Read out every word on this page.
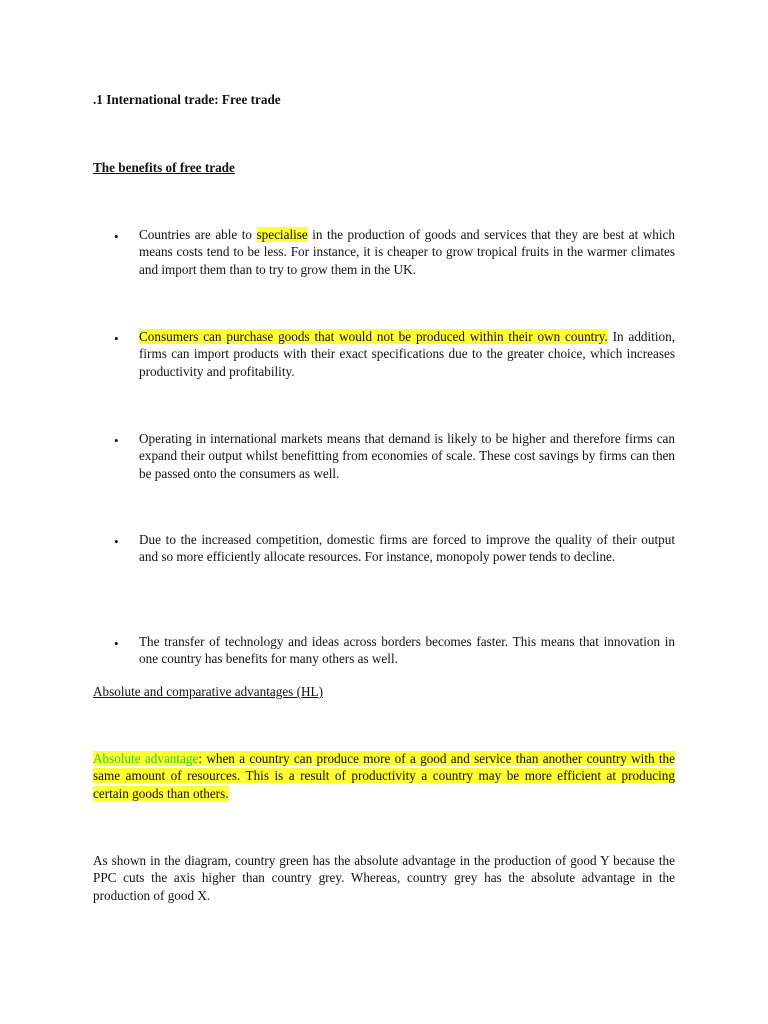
.1 International trade: Free trade
The benefits of free trade
• Countries are able to specialise in the production of goods and services that they are best at which means costs tend to be less. For instance, it is cheaper to grow tropical fruits in the warmer climates and import them than to try to grow them in the UK.
• Consumers can purchase goods that would not be produced within their own country. In addition, firms can import products with their exact specifications due to the greater choice, which increases productivity and profitability.
• Operating in international markets means that demand is likely to be higher and therefore firms can expand their output whilst benefitting from economies of scale. These cost savings by firms can then be passed onto the consumers as well.
• Due to the increased competition, domestic firms are forced to improve the quality of their output and so more efficiently allocate resources. For instance, monopoly power tends to decline.
• The transfer of technology and ideas across borders becomes faster. This means that innovation in one country has benefits for many others as well.
Absolute and comparative advantages (HL)
Absolute advantage: when a country can produce more of a good and service than another country with the same amount of resources. This is a result of productivity a country may be more efficient at producing certain goods than others.
As shown in the diagram, country green has the absolute advantage in the production of good Y because the PPC cuts the axis higher than country grey. Whereas, country grey has the absolute advantage in the production of good X.
